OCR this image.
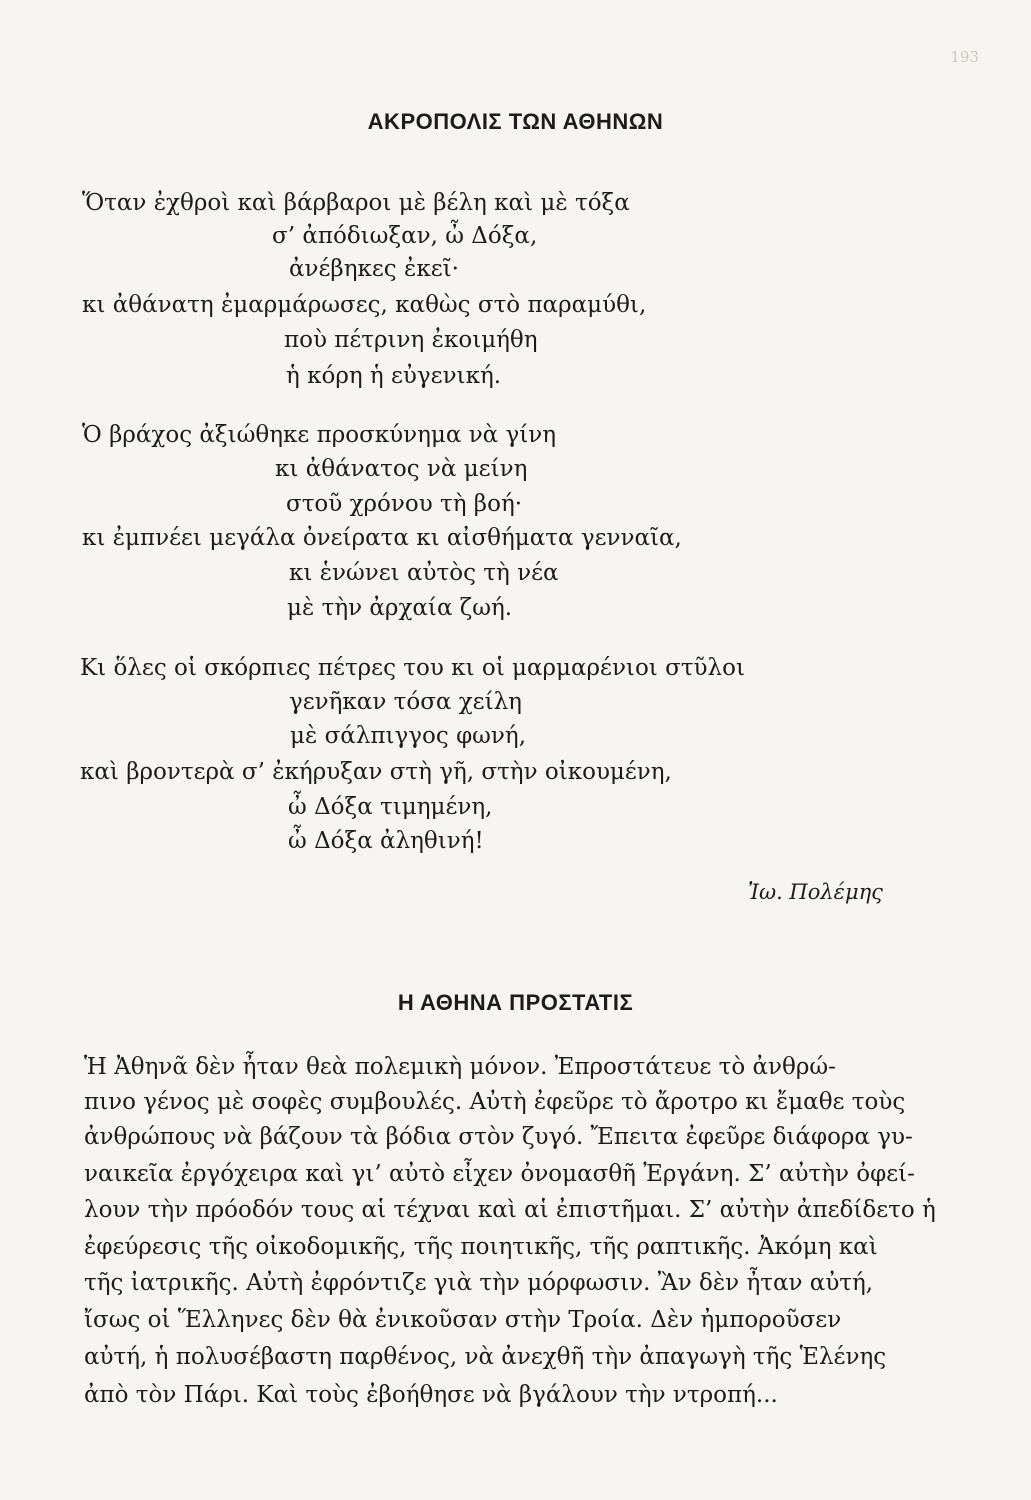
193
ΑΚΡΟΠΟΛΙΣ ΤΩΝ ΑΘΗΝΩΝ
Ὅταν ἐχθροὶ καὶ βάρβαροι μὲ βέλη καὶ μὲ τόξα
σ’ ἀπόδιωξαν, ὦ Δόξα,
ἀνέβηκες ἐκεῖ·
κι ἀθάνατη ἐμαρμάρωσες, καθὼς στὸ παραμύθι,
ποὺ πέτρινη ἐκοιμήθη
ἡ κόρη ἡ εὐγενική.
Ὁ βράχος ἀξιώθηκε προσκύνημα νὰ γίνη
κι ἀθάνατος νὰ μείνη
στοῦ χρόνου τὴ βοή·
κι ἐμπνέει μεγάλα ὀνείρατα κι αἰσθήματα γενναῖα,
κι ἑνώνει αὐτὸς τὴ νέα
μὲ τὴν ἀρχαία ζωή.
Κι ὅλες οἱ σκόρπιες πέτρες του κι οἱ μαρμαρένιοι στῦλοι
γενῆκαν τόσα χείλη
μὲ σάλπιγγος φωνή,
καὶ βροντερὰ σ’ ἐκήρυξαν στὴ γῆ, στὴν οἰκουμένη,
ὦ Δόξα τιμημένη,
ὦ Δόξα ἀληθινή!
Ἰω. Πολέμης
Η ΑΘΗΝΑ ΠΡΟΣΤΑΤΙΣ
Ἡ Ἀθηνᾶ δὲν ἦταν θεὰ πολεμικὴ μόνον. Ἐπροστάτευε τὸ ἀνθρώ-
πινο γένος μὲ σοφὲς συμβουλές. Αὐτὴ ἐφεῦρε τὸ ἄροτρο κι ἔμαθε τοὺς
ἀνθρώπους νὰ βάζουν τὰ βόδια στὸν ζυγό. Ἔπειτα ἐφεῦρε διάφορα γυ-
ναικεῖα ἐργόχειρα καὶ γι’ αὐτὸ εἶχεν ὀνομασθῆ Ἐργάνη. Σ’ αὐτὴν ὀφεί-
λουν τὴν πρόοδόν τους αἱ τέχναι καὶ αἱ ἐπιστῆμαι. Σ’ αὐτὴν ἀπεδίδετο ἡ
ἐφεύρεσις τῆς οἰκοδομικῆς, τῆς ποιητικῆς, τῆς ραπτικῆς. Ἀκόμη καὶ
τῆς ἰατρικῆς. Αὐτὴ ἐφρόντιζε γιὰ τὴν μόρφωσιν. Ἂν δὲν ἦταν αὐτή,
ἴσως οἱ Ἕλληνες δὲν θὰ ἐνικοῦσαν στὴν Τροία. Δὲν ἠμποροῦσεν
αὐτή, ἡ πολυσέβαστη παρθένος, νὰ ἀνεχθῆ τὴν ἀπαγωγὴ τῆς Ἑλένης
ἀπὸ τὸν Πάρι. Καὶ τοὺς ἐβοήθησε νὰ βγάλουν τὴν ντροπή...
